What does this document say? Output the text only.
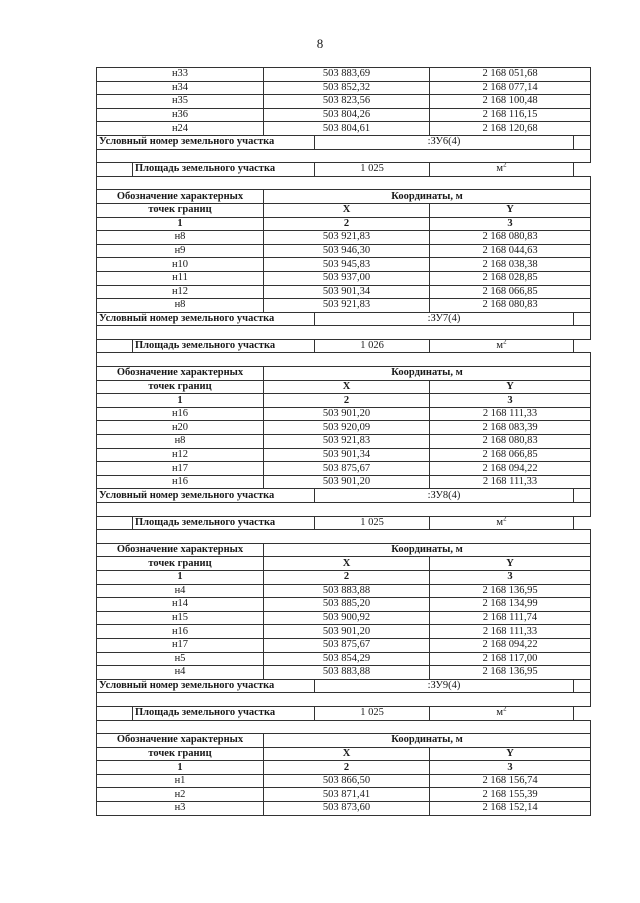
8
н33		503 883,69		2 168 051,68	
н34		503 852,32		2 168 077,14	
н35		503 823,56		2 168 100,48	
н36		503 804,26		2 168 116,15	
н24		503 804,61		2 168 120,68	
Условный номер земельного участка			:ЗУ6(4)		

	Площадь земельного участка		1 025	$м^2$	

Обозначение характерных		Координаты, м			
точек границ		X		Y	
1		2		3	
н8		503 921,83		2 168 080,83	
н9		503 946,30		2 168 044,63	
н10		503 945,83		2 168 038,38	
н11		503 937,00		2 168 028,85	
н12		503 901,34		2 168 066,85	
н8		503 921,83		2 168 080,83	
Условный номер земельного участка			:ЗУ7(4)		

	Площадь земельного участка		1 026	$м^2$	

Обозначение характерных		Координаты, м			
точек границ		X		Y	
1		2		3	
н16		503 901,20		2 168 111,33	
н20		503 920,09		2 168 083,39	
н8		503 921,83		2 168 080,83	
н12		503 901,34		2 168 066,85	
н17		503 875,67		2 168 094,22	
н16		503 901,20		2 168 111,33	
Условный номер земельного участка			:ЗУ8(4)		

	Площадь земельного участка		1 025	$м^2$	

Обозначение характерных		Координаты, м			
точек границ		X		Y	
1		2		3	
н4		503 883,88		2 168 136,95	
н14		503 885,20		2 168 134,99	
н15		503 900,92		2 168 111,74	
н16		503 901,20		2 168 111,33	
н17		503 875,67		2 168 094,22	
н5		503 854,29		2 168 117,00	
н4		503 883,88		2 168 136,95	
Условный номер земельного участка			:ЗУ9(4)		

	Площадь земельного участка		1 025	$м^2$	

Обозначение характерных		Координаты, м			
точек границ		X		Y	
1		2		3	
н1		503 866,50		2 168 156,74	
н2		503 871,41		2 168 155,39	
н3		503 873,60		2 168 152,14	
